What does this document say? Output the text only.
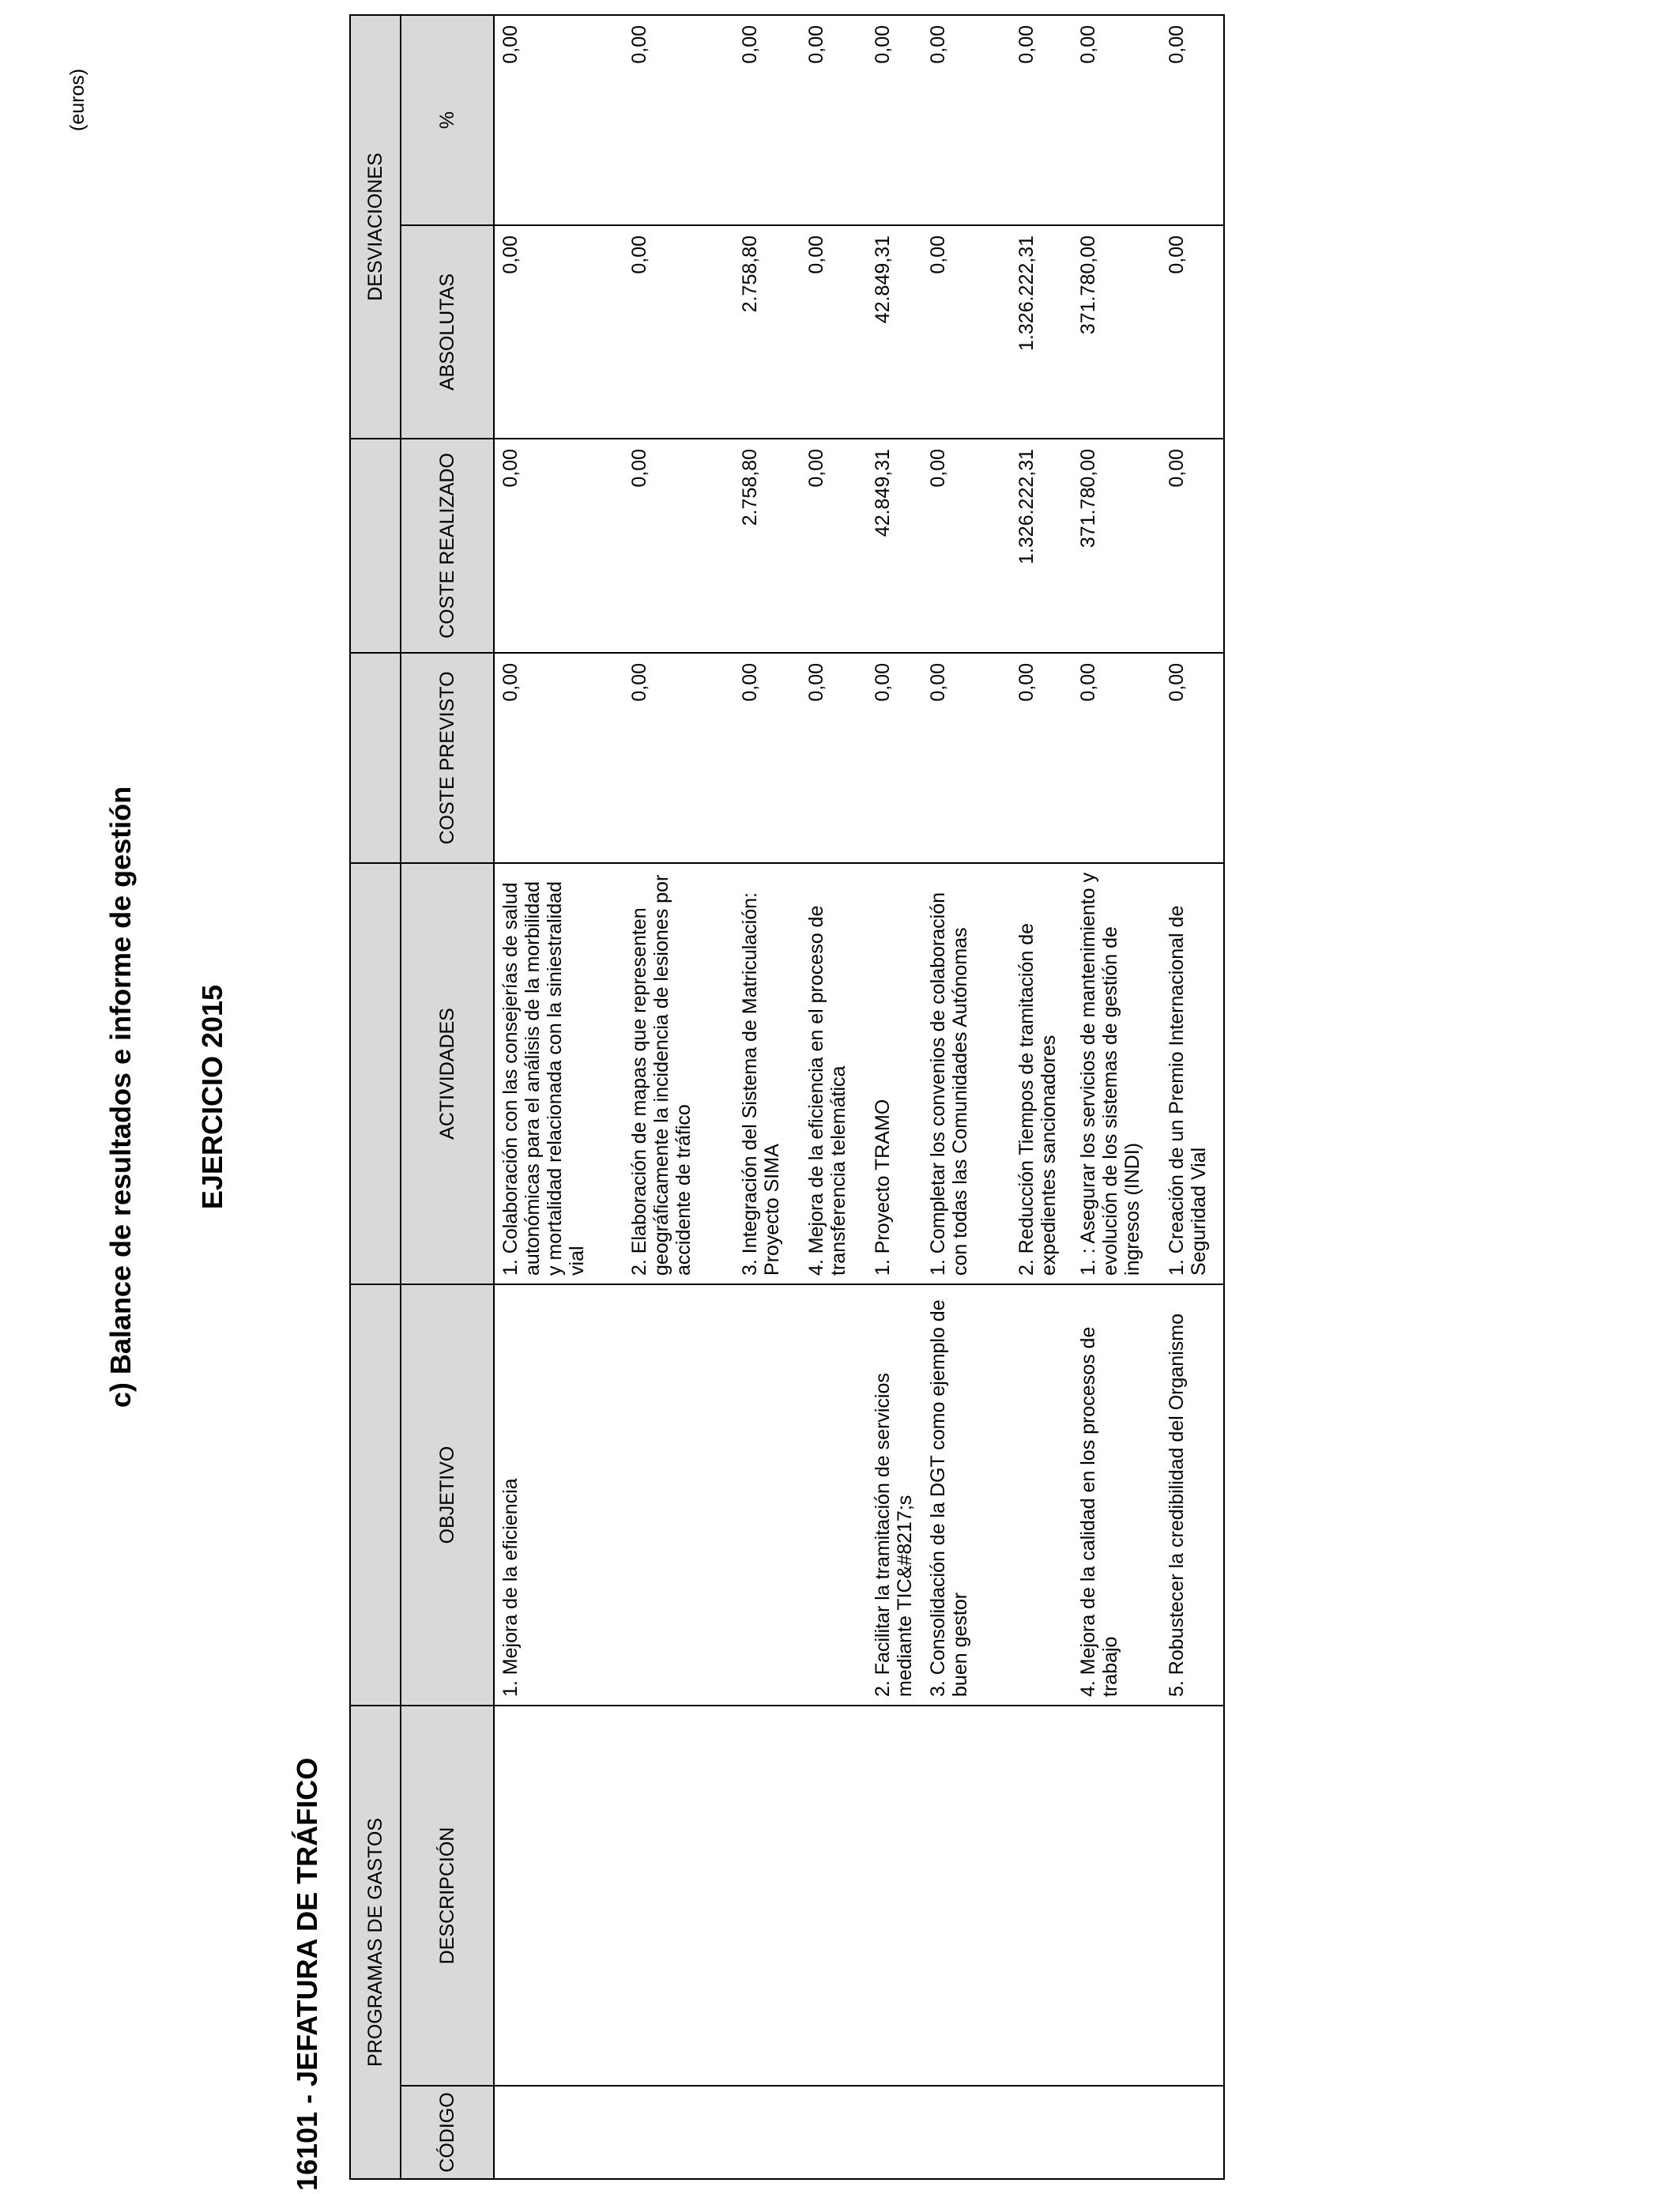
c) Balance de resultados e informe de gestión EJERCICIO 2015
16101 - JEFATURA DE TRÁFICO
(euros)
PROGRAMAS DE GASTOS						DESVIACIONES	
CÓDIGO	DESCRIPCIÓN	OBJETIVO	ACTIVIDADES	COSTE PREVISTO	COSTE REALIZADO	ABSOLUTAS	%

		1. Mejora de la eficiencia	1. Colaboración con las consejerías de salud autonómicas para el análisis de la morbilidad y mortalidad relacionada con la siniestralidad vial	0,00	0,00	0,00	0,00

			2. Elaboración de mapas que representen geográficamente la incidencia de lesiones por accidente de tráfico	0,00	0,00	0,00	0,00

			3. Integración del Sistema de Matriculación: Proyecto SIMA	0,00	2.758,80	2.758,80	0,00

			4. Mejora de la eficiencia en el proceso de transferencia telemática	0,00	0,00	0,00	0,00

		2. Facilitar la tramitación de servicios mediante TIC&#8217;s	1. Proyecto TRAMO	0,00	42.849,31	42.849,31	0,00

		3. Consolidación de la DGT como ejemplo de buen gestor	1. Completar los convenios de colaboración con todas las Comunidades Autónomas	0,00	0,00	0,00	0,00

			2. Reducción Tiempos de tramitación de expedientes sancionadores	0,00	1.326.222,31	1.326.222,31	0,00

		4. Mejora de la calidad en los procesos de trabajo	1. : Asegurar los servicios de mantenimiento y evolución de los sistemas de gestión de ingresos (INDI)	0,00	371.780,00	371.780,00	0,00

		5. Robustecer la credibilidad del Organismo	1. Creación de un Premio Internacional de Seguridad Vial	0,00	0,00	0,00	0,00
